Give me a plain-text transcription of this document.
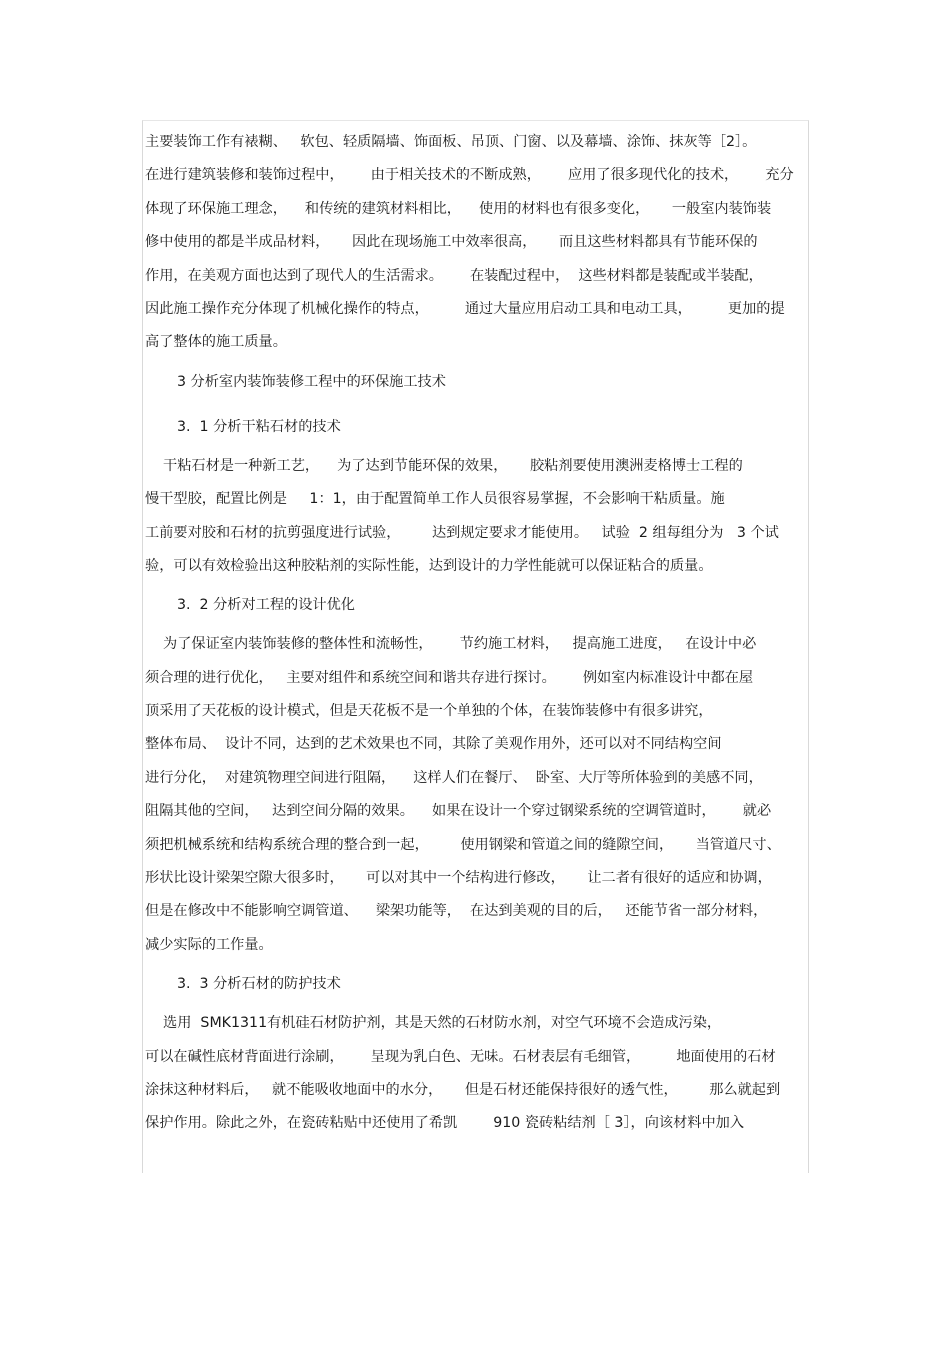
主要装饰工作有裱糊、   软包、轻质隔墙、饰面板、吊顶、门窗、以及幕墙、涂饰、抹灰等［2］。
在进行建筑装修和装饰过程中，      由于相关技术的不断成熟，      应用了很多现代化的技术，      充分
体现了环保施工理念，    和传统的建筑材料相比，    使用的材料也有很多变化，     一般室内装饰装
修中使用的都是半成品材料，     因此在现场施工中效率很高，     而且这些材料都具有节能环保的
作用，在美观方面也达到了现代人的生活需求。      在装配过程中，  这些材料都是装配或半装配，
因此施工操作充分体现了机械化操作的特点，        通过大量应用启动工具和电动工具，        更加的提
高了整体的施工质量。
3 分析室内装饰装修工程中的环保施工技术
3.  1 分析干粘石材的技术
干粘石材是一种新工艺，    为了达到节能环保的效果，     胶粘剂要使用澳洲麦格博士工程的
慢干型胶，配置比例是     1：1，由于配置简单工作人员很容易掌握，不会影响干粘质量。施
工前要对胶和石材的抗剪强度进行试验，       达到规定要求才能使用。   试验  2 组每组分为   3 个试
验，可以有效检验出这种胶粘剂的实际性能，达到设计的力学性能就可以保证粘合的质量。
3.  2 分析对工程的设计优化
为了保证室内装饰装修的整体性和流畅性，      节约施工材料，   提高施工进度，   在设计中必
须合理的进行优化，   主要对组件和系统空间和谐共存进行探讨。      例如室内标准设计中都在屋
顶采用了天花板的设计模式，但是天花板不是一个单独的个体，在装饰装修中有很多讲究，
整体布局、  设计不同，达到的艺术效果也不同，其除了美观作用外，还可以对不同结构空间
进行分化，  对建筑物理空间进行阻隔，    这样人们在餐厅、  卧室、大厅等所体验到的美感不同，
阻隔其他的空间，   达到空间分隔的效果。    如果在设计一个穿过钢梁系统的空调管道时，      就必
须把机械系统和结构系统合理的整合到一起，       使用钢梁和管道之间的缝隙空间，     当管道尺寸、
形状比设计梁架空隙大很多时，     可以对其中一个结构进行修改，     让二者有很好的适应和协调，
但是在修改中不能影响空调管道、    梁架功能等，  在达到美观的目的后，   还能节省一部分材料，
减少实际的工作量。
3.  3 分析石材的防护技术
选用  SMK1311有机硅石材防护剂，其是天然的石材防水剂，对空气环境不会造成污染，
可以在碱性底材背面进行涂刷，      呈现为乳白色、无味。石材表层有毛细管，        地面使用的石材
涂抹这种材料后，   就不能吸收地面中的水分，     但是石材还能保持很好的透气性，       那么就起到
保护作用。除此之外，在瓷砖粘贴中还使用了希凯        910 瓷砖粘结剂［ 3］，向该材料中加入
